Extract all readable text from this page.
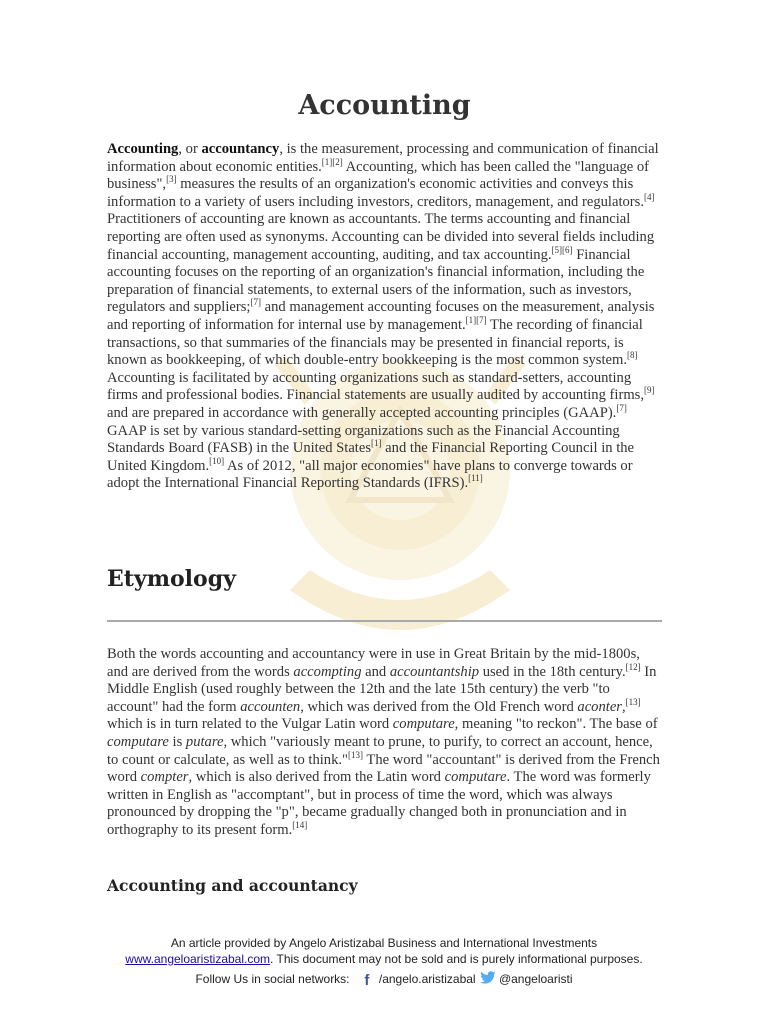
Accounting

Accounting, or accountancy, is the measurement, processing and communication of financial information about economic entities.[1][2] Accounting, which has been called the "language of business",[3] measures the results of an organization's economic activities and conveys this information to a variety of users including investors, creditors, management, and regulators.[4] Practitioners of accounting are known as accountants. The terms accounting and financial reporting are often used as synonyms. Accounting can be divided into several fields including financial accounting, management accounting, auditing, and tax accounting.[5][6] Financial accounting focuses on the reporting of an organization's financial information, including the preparation of financial statements, to external users of the information, such as investors, regulators and suppliers;[7] and management accounting focuses on the measurement, analysis and reporting of information for internal use by management.[1][7] The recording of financial transactions, so that summaries of the financials may be presented in financial reports, is known as bookkeeping, of which double-entry bookkeeping is the most common system.[8] Accounting is facilitated by accounting organizations such as standard-setters, accounting firms and professional bodies. Financial statements are usually audited by accounting firms,[9] and are prepared in accordance with generally accepted accounting principles (GAAP).[7] GAAP is set by various standard-setting organizations such as the Financial Accounting Standards Board (FASB) in the United States[1] and the Financial Reporting Council in the United Kingdom.[10] As of 2012, "all major economies" have plans to converge towards or adopt the International Financial Reporting Standards (IFRS).[11]

Etymology

Both the words accounting and accountancy were in use in Great Britain by the mid-1800s, and are derived from the words accompting and accountantship used in the 18th century.[12] In Middle English (used roughly between the 12th and the late 15th century) the verb "to account" had the form accounten, which was derived from the Old French word aconter,[13] which is in turn related to the Vulgar Latin word computare, meaning "to reckon". The base of computare is putare, which "variously meant to prune, to purify, to correct an account, hence, to count or calculate, as well as to think."[13] The word "accountant" is derived from the French word compter, which is also derived from the Latin word computare. The word was formerly written in English as "accomptant", but in process of time the word, which was always pronounced by dropping the "p", became gradually changed both in pronunciation and in orthography to its present form.[14]

Accounting and accountancy
An article provided by Angelo Aristizabal Business and International Investments
www.angeloaristizabal.com. This document may not be sold and is purely informational purposes.
Follow Us in social networks: f /angelo.aristizabal @angeloaristi
